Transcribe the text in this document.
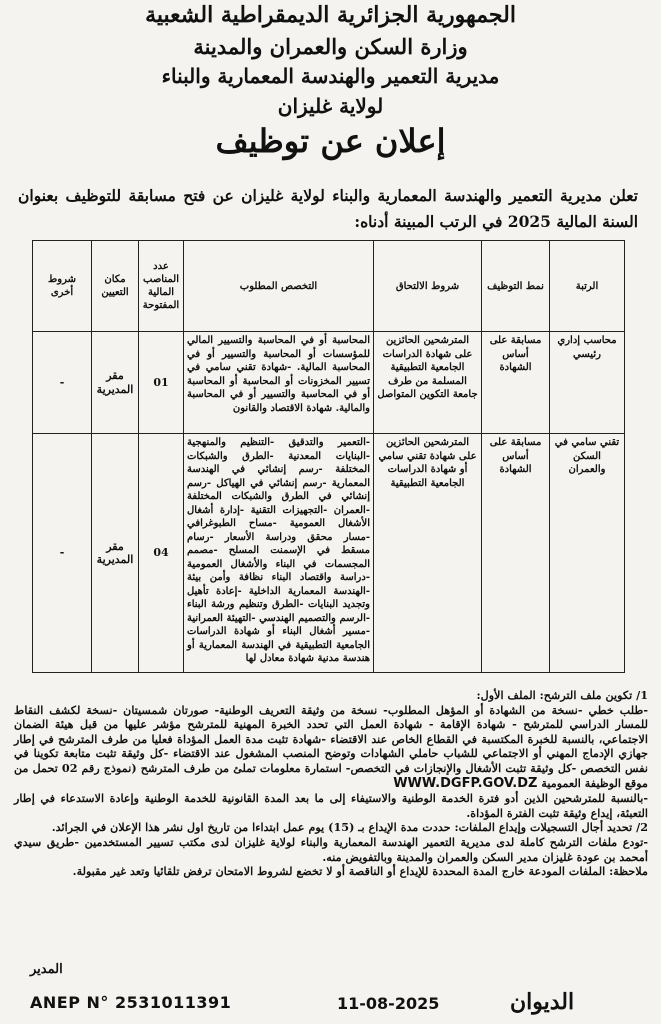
الجمهورية الجزائرية الديمقراطية الشعبية
وزارة السكن والعمران والمدينة
مديرية التعمير والهندسة المعمارية والبناء
لولاية غليزان
إعلان عن توظيف
تعلن مديرية التعمير والهندسة المعمارية والبناء لولاية غليزان عن فتح مسابقة للتوظيف بعنوان السنة المالية 2025 في الرتب المبينة أدناه:
الرتبة	نمط التوظيف	شروط الالتحاق	التخصص المطلوب	عدد المناصب المالية المفتوحة	مكان التعيين	شروط أخرى
محاسب إداري رئيسي	مسابقة على أساس الشهادة	المترشحين الحائزين على شهادة الدراسات الجامعية التطبيقية المسلمة من طرف جامعة التكوين المتواصل	المحاسبة أو في المحاسبة والتسيير المالي للمؤسسات أو المحاسبة والتسيير أو في المحاسبة المالية. -شهادة تقني سامي في تسيير المخزونات أو المحاسبة أو المحاسبة أو في المحاسبة والتسيير أو في المحاسبة والمالية. شهادة الاقتصاد والقانون	01	مقر المديرية	-
تقني سامي في السكن والعمران	مسابقة على أساس الشهادة	المترشحين الحائزين على شهادة تقني سامي أو شهادة الدراسات الجامعية التطبيقية	-التعمير والتدقيق -التنظيم والمنهجية -البنايات المعدنية -الطرق والشبكات المختلفة -رسم إنشائي في الهندسة المعمارية -رسم إنشائي في الهياكل -رسم إنشائي في الطرق والشبكات المختلفة -العمران -التجهيزات التقنية -إدارة أشغال الأشغال العمومية -مساح الطبوغرافي -مسار محقق ودراسة الأسعار -رسام مسقط في الإسمنت المسلح -مصمم المجسمات في البناء والأشغال العمومية -دراسة واقتصاد البناء نظافة وأمن بيئة -الهندسة المعمارية الداخلية -إعادة تأهيل وتجديد البنايات -الطرق وتنظيم ورشة البناء -الرسم والتصميم الهندسي -التهيئة العمرانية -مسير أشغال البناء أو شهادة الدراسات الجامعية التطبيقية في الهندسة المعمارية أو هندسة مدنية شهادة معادل لها	04	مقر المديرية	-

1/ تكوين ملف الترشح: الملف الأول:

-طلب خطي -نسخة من الشهادة أو المؤهل المطلوب- نسخة من وثيقة التعريف الوطنية- صورتان شمسيتان -نسخة لكشف النقاط للمسار الدراسي للمترشح - شهادة الإقامة - شهادة العمل التي تحدد الخبرة المهنية للمترشح مؤشر عليها من قبل هيئة الضمان الاجتماعي، بالنسبة للخبرة المكتسبة في القطاع الخاص عند الاقتضاء -شهادة تثبت مدة العمل المؤداة فعليا من طرف المترشح في إطار جهازي الإدماج المهني أو الاجتماعي للشباب حاملي الشهادات وتوضح المنصب المشغول عند الاقتضاء -كل وثيقة تثبت متابعة تكوينا في نفس التخصص -كل وثيقة تثبت الأشغال والإنجازات في التخصص- استمارة معلومات تملئ من طرف المترشح (نموذج رقم 02 تحمل من موقع الوظيفة العمومية WWW.DGFP.GOV.DZ

-بالنسبة للمترشحين الذين أدو فترة الخدمة الوطنية والاستيفاء إلى ما بعد المدة القانونية للخدمة الوطنية وإعادة الاستدعاء في إطار التعبئة، إيداع وثيقة تثبت الفترة المؤداة.

2/ تحديد أجال التسجيلات وإيداع الملفات: حددت مدة الإيداع بـ (15) يوم عمل ابتداءا من تاريخ اول نشر هذا الإعلان في الجرائد.

-تودع ملفات الترشح كاملة لدى مديرية التعمير الهندسة المعمارية والبناء لولاية غليزان لدى مكتب تسيير المستخدمين -طريق سيدي أمحمد بن عودة غليزان مدير السكن والعمران والمدينة وبالتفويض منه.

ملاحظة: الملفات المودعة خارج المدة المحددة للإيداع أو الناقصة أو لا تخضع لشروط الامتحان ترفض تلقائيا وتعد غير مقبولة.

المدير
ANEP N° 2531011391	11-08-2025	الديوان
